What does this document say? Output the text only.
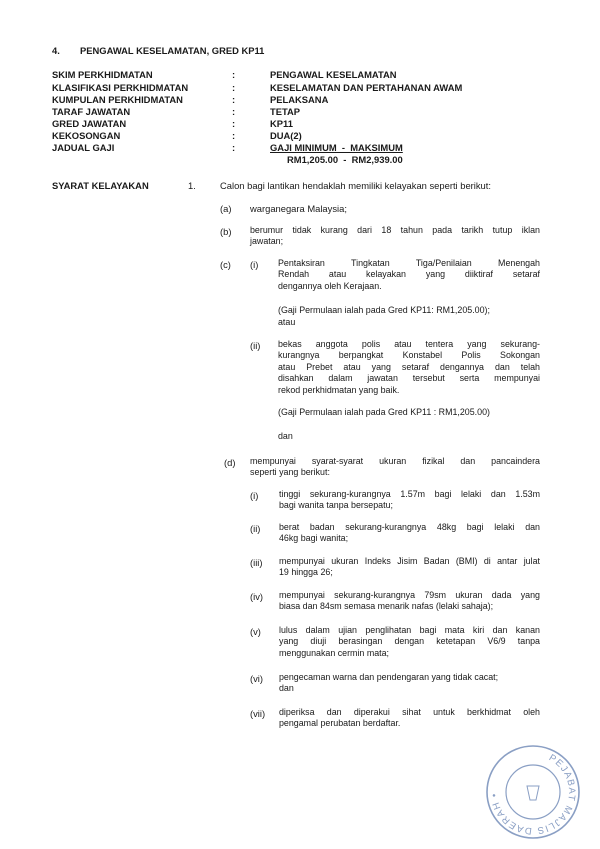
4. PENGAWAL KESELAMATAN, GRED KP11
SKIM PERKHIDMATAN	:	PENGAWAL KESELAMATAN
KLASIFIKASI PERKHIDMATAN	:	KESELAMATAN DAN PERTAHANAN AWAM
KUMPULAN PERKHIDMATAN	:	PELAKSANA
TARAF JAWATAN	:	TETAP
GRED JAWATAN	:	KP11
KEKOSONGAN	:	DUA(2)
JADUAL GAJI	:	GAJI MINIMUM  -  MAKSIMUM
RM1,205.00  -  RM2,939.00
SYARAT KELAYAKAN	1.	Calon bagi lantikan hendaklah memiliki kelayakan seperti berikut:
(a) warganegara Malaysia;
(b) berumur tidak kurang dari 18 tahun pada tarikh tutup iklan
jawatan;
(c) (i) Pentaksiran Tingkatan Tiga/Penilaian Menengah
Rendah atau kelayakan yang diiktiraf setaraf
dengannya oleh Kerajaan.
(Gaji Permulaan ialah pada Gred KP11: RM1,205.00);
atau
(ii) bekas anggota polis atau tentera yang sekurang-
kurangnya berpangkat Konstabel Polis Sokongan
atau Prebet atau yang setaraf dengannya dan telah
disahkan dalam jawatan tersebut serta mempunyai
rekod perkhidmatan yang baik.
(Gaji Permulaan ialah pada Gred KP11 : RM1,205.00)
dan
(d) mempunyai syarat-syarat ukuran fizikal dan pancaindera
seperti yang berikut:
(i) tinggi sekurang-kurangnya 1.57m bagi lelaki dan 1.53m
bagi wanita tanpa bersepatu;
(ii) berat badan sekurang-kurangnya 48kg bagi lelaki dan
46kg bagi wanita;
(iii) mempunyai ukuran Indeks Jisim Badan (BMI) di antar julat
19 hingga 26;
(iv) mempunyai sekurang-kurangnya 79sm ukuran dada yang
biasa dan 84sm semasa menarik nafas (lelaki sahaja);
(v) lulus dalam ujian penglihatan bagi mata kiri dan kanan
yang diuji berasingan dengan ketetapan V6/9 tanpa
menggunakan cermin mata;
(vi) pengecaman warna dan pendengaran yang tidak cacat;
dan
(vii) diperiksa dan diperakui sihat untuk berkhidmat oleh
pengamal perubatan berdaftar.
PEJABAT MAJLIS DAERAH •
